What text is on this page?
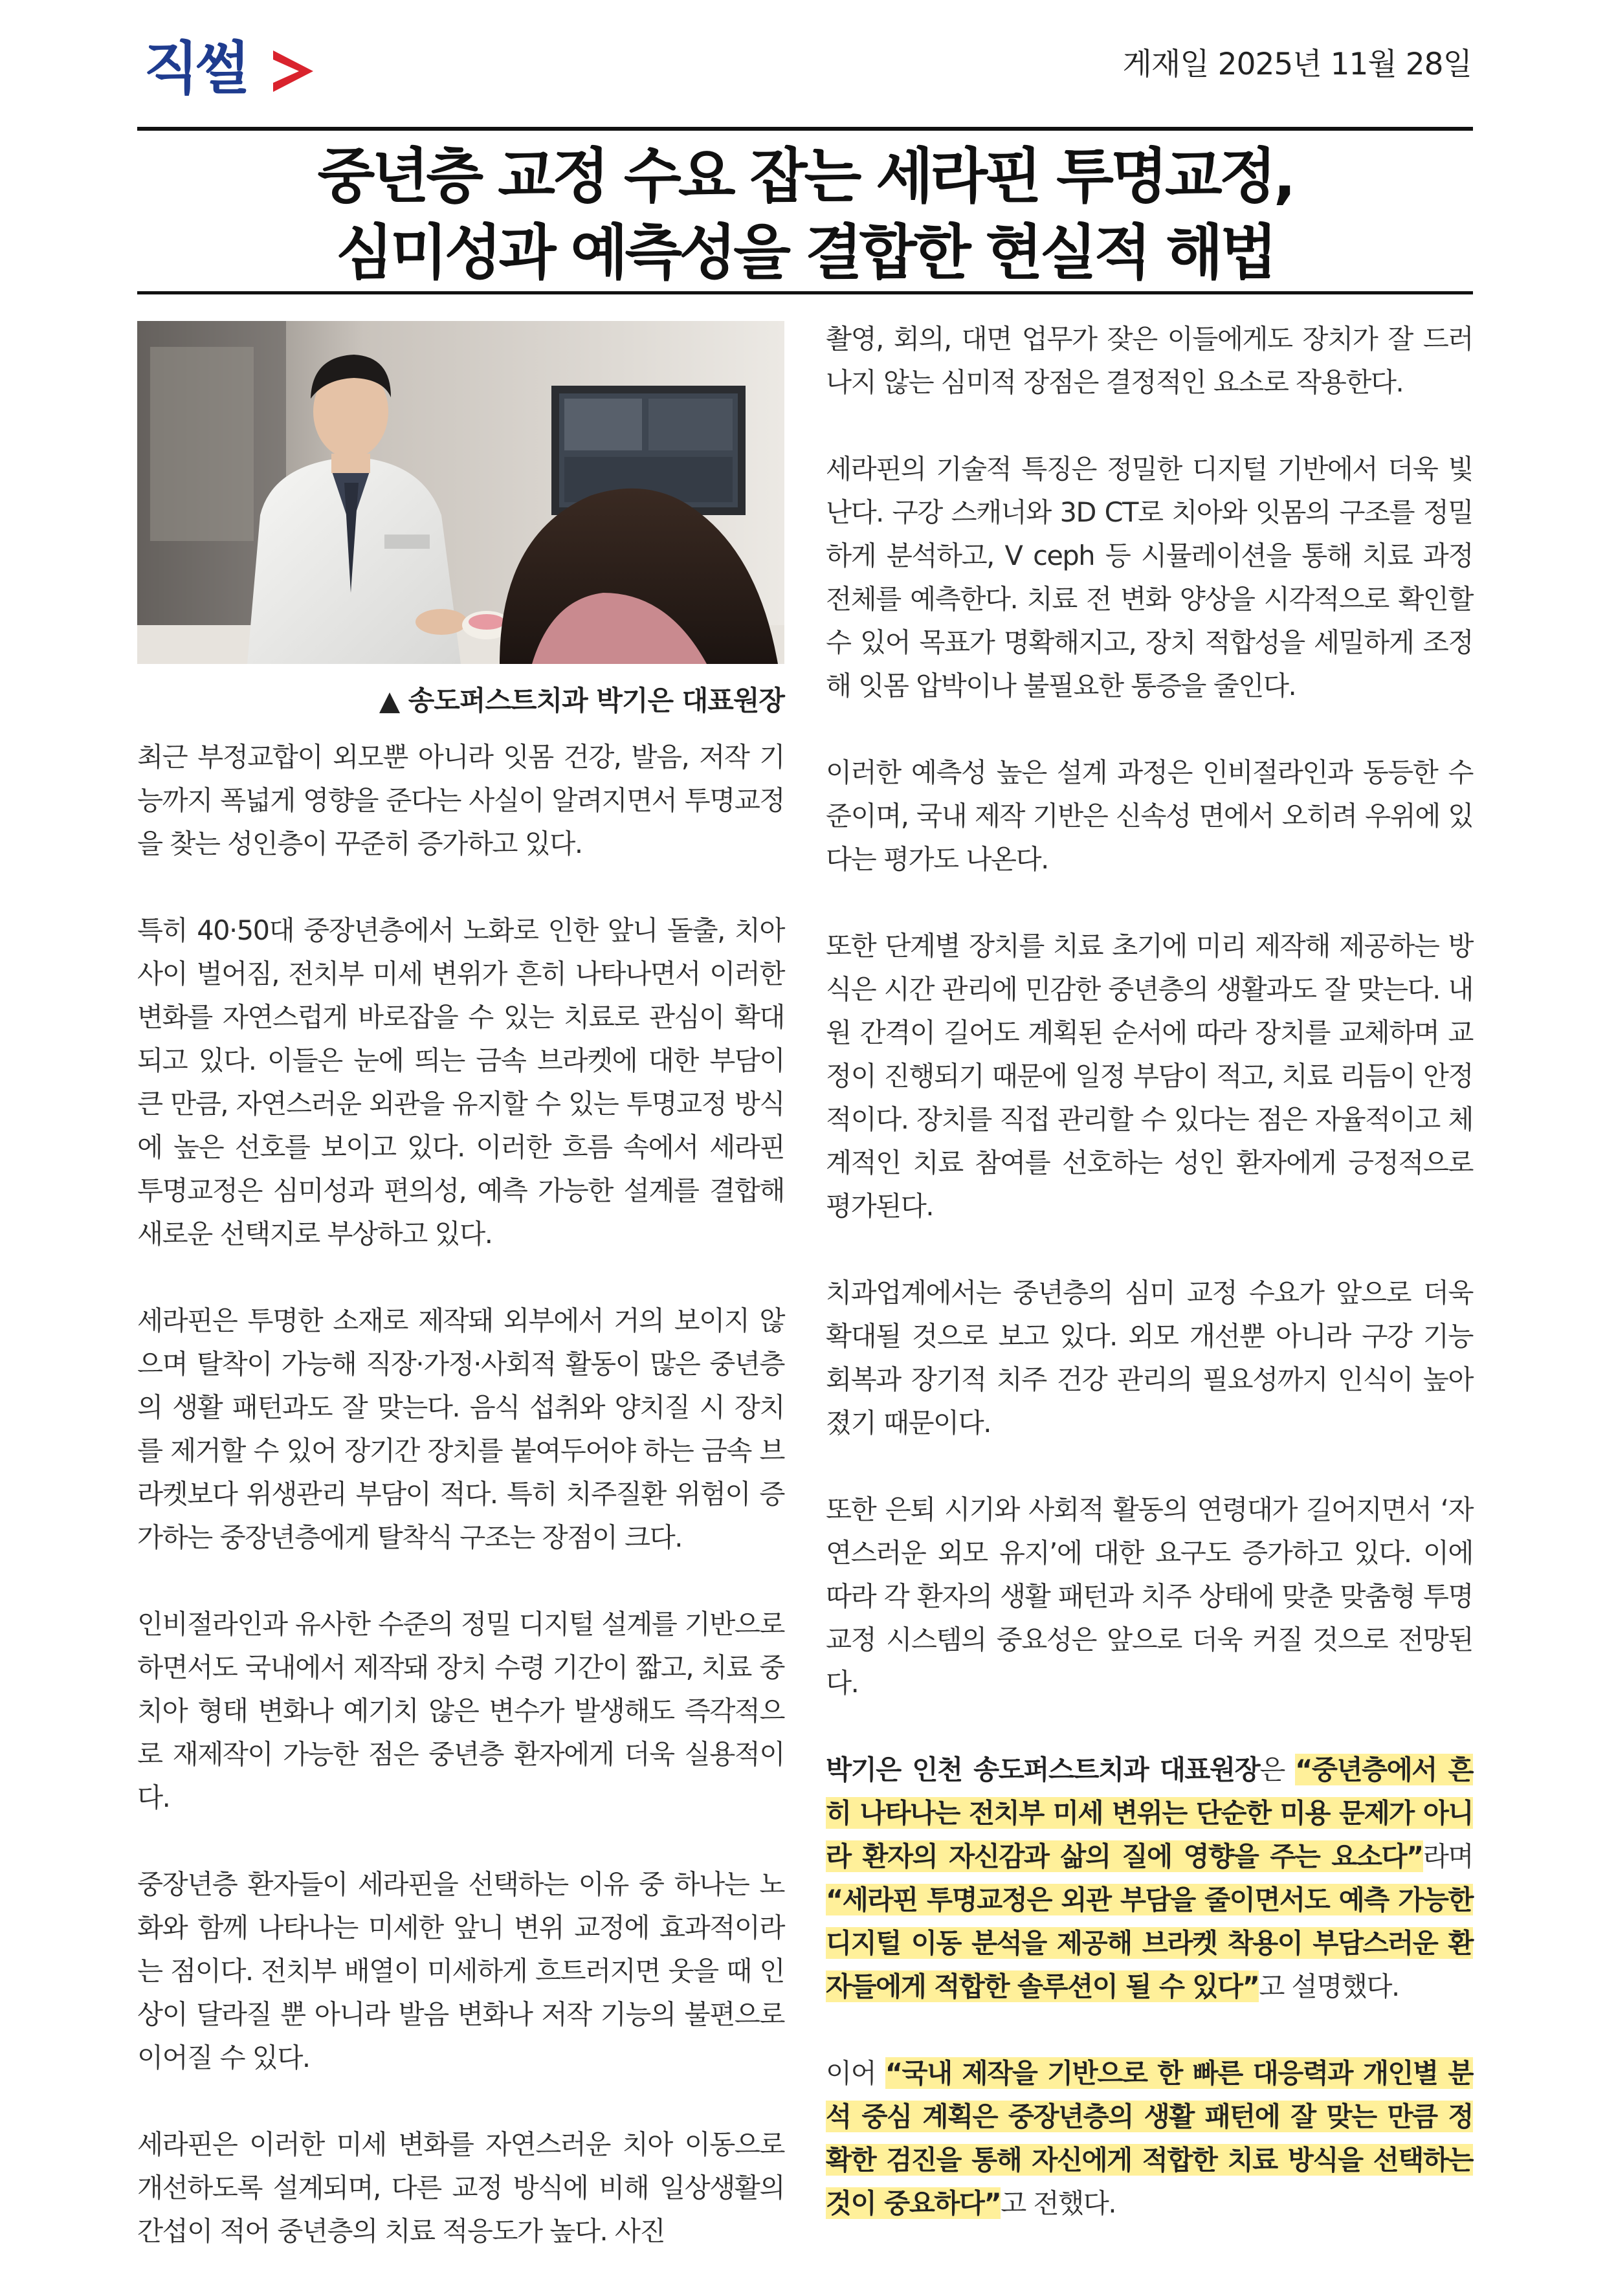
직썰	게재일 2025년 11월 28일
중년층 교정 수요 잡는 세라핀 투명교정,
심미성과 예측성을 결합한 현실적 해법
▲ 송도퍼스트치과 박기은 대표원장

최근 부정교합이 외모뿐 아니라 잇몸 건강, 발음, 저작 기능까지 폭넓게 영향을 준다는 사실이 알려지면서 투명교정을 찾는 성인층이 꾸준히 증가하고 있다.

특히 40·50대 중장년층에서 노화로 인한 앞니 돌출, 치아 사이 벌어짐, 전치부 미세 변위가 흔히 나타나면서 이러한 변화를 자연스럽게 바로잡을 수 있는 치료로 관심이 확대되고 있다. 이들은 눈에 띄는 금속 브라켓에 대한 부담이 큰 만큼, 자연스러운 외관을 유지할 수 있는 투명교정 방식에 높은 선호를 보이고 있다. 이러한 흐름 속에서 세라핀 투명교정은 심미성과 편의성, 예측 가능한 설계를 결합해 새로운 선택지로 부상하고 있다.

세라핀은 투명한 소재로 제작돼 외부에서 거의 보이지 않으며 탈착이 가능해 직장·가정·사회적 활동이 많은 중년층의 생활 패턴과도 잘 맞는다. 음식 섭취와 양치질 시 장치를 제거할 수 있어 장기간 장치를 붙여두어야 하는 금속 브라켓보다 위생관리 부담이 적다. 특히 치주질환 위험이 증가하는 중장년층에게 탈착식 구조는 장점이 크다.

인비절라인과 유사한 수준의 정밀 디지털 설계를 기반으로 하면서도 국내에서 제작돼 장치 수령 기간이 짧고, 치료 중 치아 형태 변화나 예기치 않은 변수가 발생해도 즉각적으로 재제작이 가능한 점은 중년층 환자에게 더욱 실용적이다.

중장년층 환자들이 세라핀을 선택하는 이유 중 하나는 노화와 함께 나타나는 미세한 앞니 변위 교정에 효과적이라는 점이다. 전치부 배열이 미세하게 흐트러지면 웃을 때 인상이 달라질 뿐 아니라 발음 변화나 저작 기능의 불편으로 이어질 수 있다.

세라핀은 이러한 미세 변화를 자연스러운 치아 이동으로 개선하도록 설계되며, 다른 교정 방식에 비해 일상생활의 간섭이 적어 중년층의 치료 적응도가 높다. 사진

촬영, 회의, 대면 업무가 잦은 이들에게도 장치가 잘 드러나지 않는 심미적 장점은 결정적인 요소로 작용한다.

세라핀의 기술적 특징은 정밀한 디지털 기반에서 더욱 빛난다. 구강 스캐너와 3D CT로 치아와 잇몸의 구조를 정밀하게 분석하고, V ceph 등 시뮬레이션을 통해 치료 과정 전체를 예측한다. 치료 전 변화 양상을 시각적으로 확인할 수 있어 목표가 명확해지고, 장치 적합성을 세밀하게 조정해 잇몸 압박이나 불필요한 통증을 줄인다.

이러한 예측성 높은 설계 과정은 인비절라인과 동등한 수준이며, 국내 제작 기반은 신속성 면에서 오히려 우위에 있다는 평가도 나온다.

또한 단계별 장치를 치료 초기에 미리 제작해 제공하는 방식은 시간 관리에 민감한 중년층의 생활과도 잘 맞는다. 내원 간격이 길어도 계획된 순서에 따라 장치를 교체하며 교정이 진행되기 때문에 일정 부담이 적고, 치료 리듬이 안정적이다. 장치를 직접 관리할 수 있다는 점은 자율적이고 체계적인 치료 참여를 선호하는 성인 환자에게 긍정적으로 평가된다.

치과업계에서는 중년층의 심미 교정 수요가 앞으로 더욱 확대될 것으로 보고 있다. 외모 개선뿐 아니라 구강 기능 회복과 장기적 치주 건강 관리의 필요성까지 인식이 높아졌기 때문이다.

또한 은퇴 시기와 사회적 활동의 연령대가 길어지면서 ‘자연스러운 외모 유지’에 대한 요구도 증가하고 있다. 이에 따라 각 환자의 생활 패턴과 치주 상태에 맞춘 맞춤형 투명교정 시스템의 중요성은 앞으로 더욱 커질 것으로 전망된다.

박기은 인천 송도퍼스트치과 대표원장은 “중년층에서 흔히 나타나는 전치부 미세 변위는 단순한 미용 문제가 아니라 환자의 자신감과 삶의 질에 영향을 주는 요소다”라며 “세라핀 투명교정은 외관 부담을 줄이면서도 예측 가능한 디지털 이동 분석을 제공해 브라켓 착용이 부담스러운 환자들에게 적합한 솔루션이 될 수 있다”고 설명했다.

이어 “국내 제작을 기반으로 한 빠른 대응력과 개인별 분석 중심 계획은 중장년층의 생활 패턴에 잘 맞는 만큼 정확한 검진을 통해 자신에게 적합한 치료 방식을 선택하는 것이 중요하다”고 전했다.
